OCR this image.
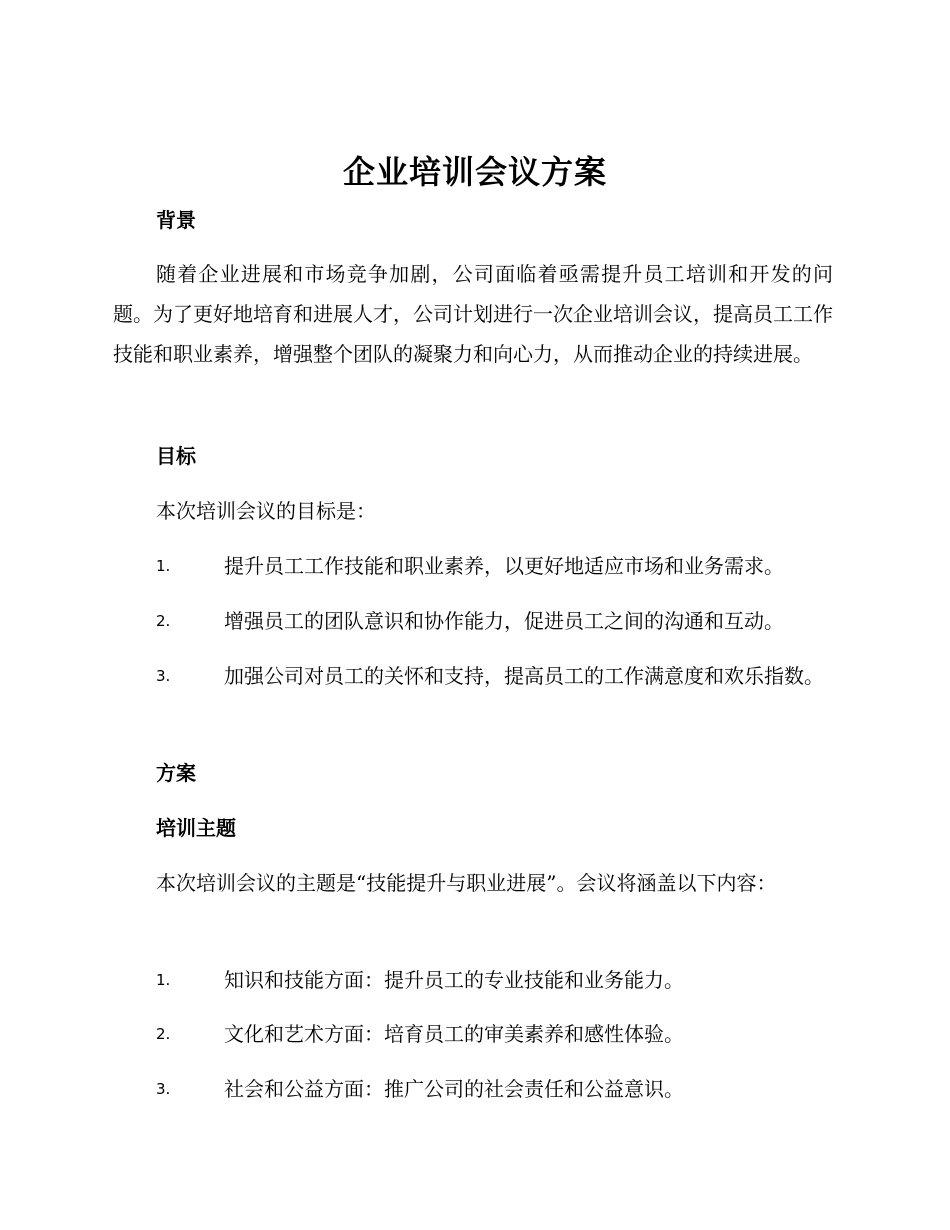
企业培训会议方案
背景
随着企业进展和市场竞争加剧，公司面临着亟需提升员工培训和开发的问题。为了更好地培育和进展人才，公司计划进行一次企业培训会议，提高员工工作技能和职业素养，增强整个团队的凝聚力和向心力，从而推动企业的持续进展。
目标
本次培训会议的目标是：
1.	提升员工工作技能和职业素养，以更好地适应市场和业务需求。
2.	增强员工的团队意识和协作能力，促进员工之间的沟通和互动。
3.	加强公司对员工的关怀和支持，提高员工的工作满意度和欢乐指数。
方案
培训主题
本次培训会议的主题是“技能提升与职业进展”。会议将涵盖以下内容：
1.	知识和技能方面：提升员工的专业技能和业务能力。
2.	文化和艺术方面：培育员工的审美素养和感性体验。
3.	社会和公益方面：推广公司的社会责任和公益意识。
